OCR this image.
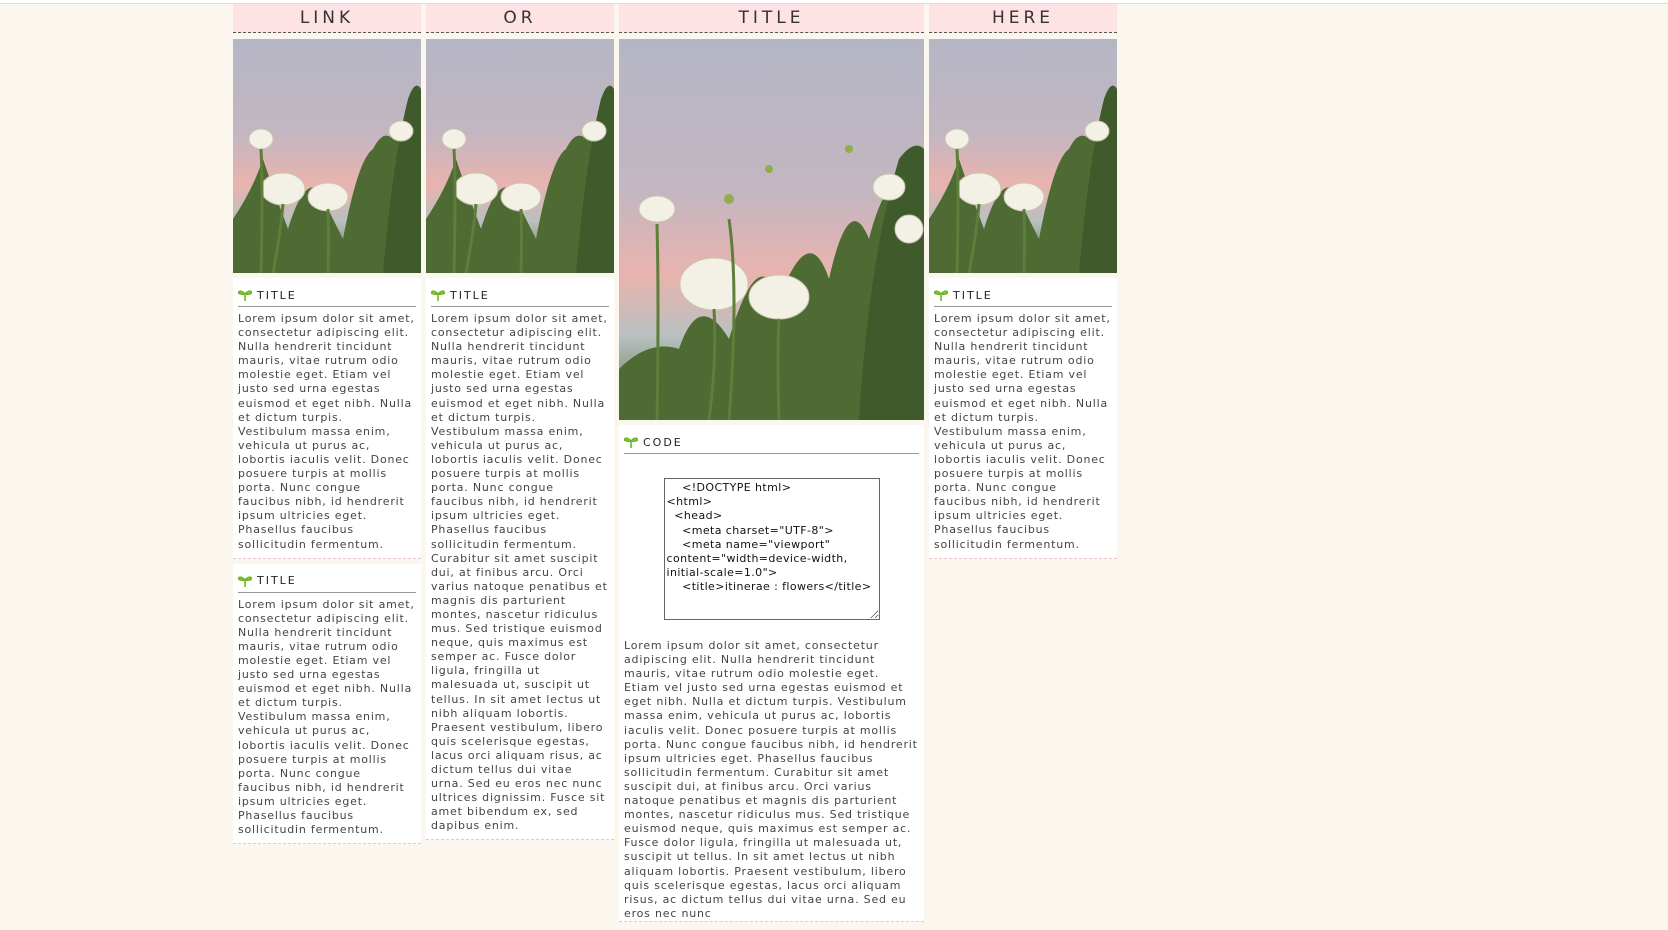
LINK
TITLE

Lorem ipsum dolor sit amet, consectetur adipiscing elit. Nulla hendrerit tincidunt mauris, vitae rutrum odio molestie eget. Etiam vel justo sed urna egestas euismod et eget nibh. Nulla et dictum turpis. Vestibulum massa enim, vehicula ut purus ac, lobortis iaculis velit. Donec posuere turpis at mollis porta. Nunc congue faucibus nibh, id hendrerit ipsum ultricies eget. Phasellus faucibus sollicitudin fermentum.

TITLE

Lorem ipsum dolor sit amet, consectetur adipiscing elit. Nulla hendrerit tincidunt mauris, vitae rutrum odio molestie eget. Etiam vel justo sed urna egestas euismod et eget nibh. Nulla et dictum turpis. Vestibulum massa enim, vehicula ut purus ac, lobortis iaculis velit. Donec posuere turpis at mollis porta. Nunc congue faucibus nibh, id hendrerit ipsum ultricies eget. Phasellus faucibus sollicitudin fermentum.

OR
TITLE

Lorem ipsum dolor sit amet, consectetur adipiscing elit. Nulla hendrerit tincidunt mauris, vitae rutrum odio molestie eget. Etiam vel justo sed urna egestas euismod et eget nibh. Nulla et dictum turpis. Vestibulum massa enim, vehicula ut purus ac, lobortis iaculis velit. Donec posuere turpis at mollis porta. Nunc congue faucibus nibh, id hendrerit ipsum ultricies eget. Phasellus faucibus sollicitudin fermentum. Curabitur sit amet suscipit dui, at finibus arcu. Orci varius natoque penatibus et magnis dis parturient montes, nascetur ridiculus mus. Sed tristique euismod neque, quis maximus est semper ac. Fusce dolor ligula, fringilla ut malesuada ut, suscipit ut tellus. In sit amet lectus ut nibh aliquam lobortis. Praesent vestibulum, libero quis scelerisque egestas, lacus orci aliquam risus, ac dictum tellus dui vitae urna. Sed eu eros nec nunc ultrices dignissim. Fusce sit amet bibendum ex, sed dapibus enim.

TITLE
CODE
<!DOCTYPE html> <html> <head> <meta charset="UTF-8"> <meta name="viewport" content="width=device-width, initial-scale=1.0"> <title>itinerae : flowers</title>

Lorem ipsum dolor sit amet, consectetur adipiscing elit. Nulla hendrerit tincidunt mauris, vitae rutrum odio molestie eget. Etiam vel justo sed urna egestas euismod et eget nibh. Nulla et dictum turpis. Vestibulum massa enim, vehicula ut purus ac, lobortis iaculis velit. Donec posuere turpis at mollis porta. Nunc congue faucibus nibh, id hendrerit ipsum ultricies eget. Phasellus faucibus sollicitudin fermentum. Curabitur sit amet suscipit dui, at finibus arcu. Orci varius natoque penatibus et magnis dis parturient montes, nascetur ridiculus mus. Sed tristique euismod neque, quis maximus est semper ac. Fusce dolor ligula, fringilla ut malesuada ut, suscipit ut tellus. In sit amet lectus ut nibh aliquam lobortis. Praesent vestibulum, libero quis scelerisque egestas, lacus orci aliquam risus, ac dictum tellus dui vitae urna. Sed eu eros nec nunc

HERE
TITLE

Lorem ipsum dolor sit amet, consectetur adipiscing elit. Nulla hendrerit tincidunt mauris, vitae rutrum odio molestie eget. Etiam vel justo sed urna egestas euismod et eget nibh. Nulla et dictum turpis. Vestibulum massa enim, vehicula ut purus ac, lobortis iaculis velit. Donec posuere turpis at mollis porta. Nunc congue faucibus nibh, id hendrerit ipsum ultricies eget. Phasellus faucibus sollicitudin fermentum.
